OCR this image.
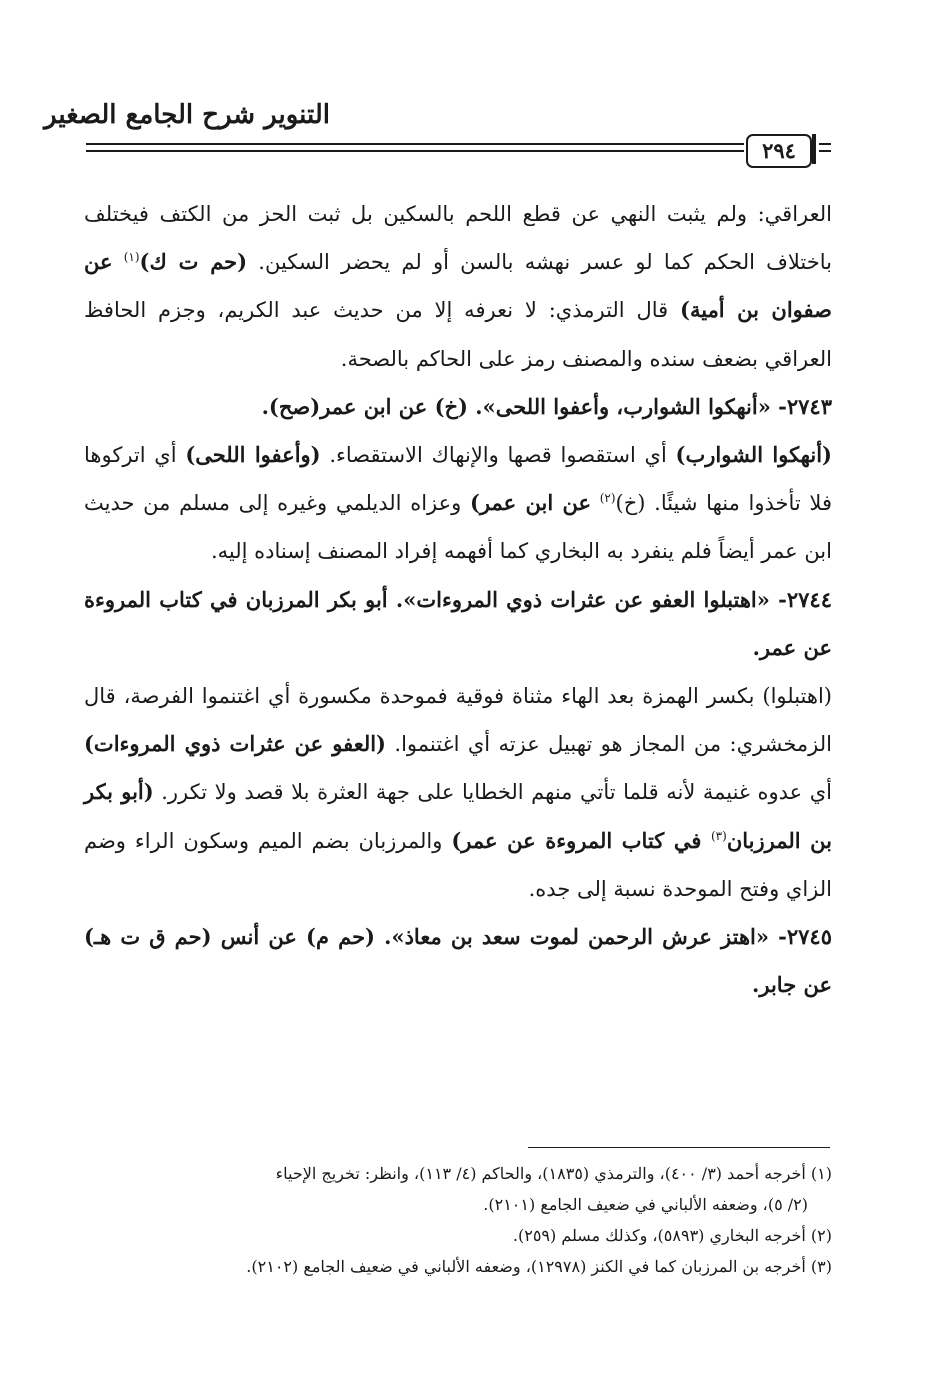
التنوير شرح الجامع الصغير
٢٩٤

العراقي: ولم يثبت النهي عن قطع اللحم بالسكين بل ثبت الحز من الكتف فيختلف باختلاف الحكم كما لو عسر نهشه بالسن أو لم يحضر السكين. (حم ت ك)$^{(١)}$ عن صفوان بن أمية) قال الترمذي: لا نعرفه إلا من حديث عبد الكريم، وجزم الحافظ العراقي بضعف سنده والمصنف رمز على الحاكم بالصحة.

٢٧٤٣- «أنهكوا الشوارب، وأعفوا اللحى». (خ) عن ابن عمر(صح).

(أنهكوا الشوارب) أي استقصوا قصها والإنهاك الاستقصاء. (وأعفوا اللحى) أي اتركوها فلا تأخذوا منها شيئًا. (خ)$^{(٢)}$ عن ابن عمر) وعزاه الديلمي وغيره إلى مسلم من حديث ابن عمر أيضاً فلم ينفرد به البخاري كما أفهمه إفراد المصنف إسناده إليه.

٢٧٤٤- «اهتبلوا العفو عن عثرات ذوي المروءات». أبو بكر المرزبان في كتاب المروءة عن عمر.

(اهتبلوا) بكسر الهمزة بعد الهاء مثناة فوقية فموحدة مكسورة أي اغتنموا الفرصة، قال الزمخشري: من المجاز هو تهبيل عزته أي اغتنموا. (العفو عن عثرات ذوي المروءات) أي عدوه غنيمة لأنه قلما تأتي منهم الخطايا على جهة العثرة بلا قصد ولا تكرر. (أبو بكر بن المرزبان$^{(٣)}$ في كتاب المروءة عن عمر) والمرزبان بضم الميم وسكون الراء وضم الزاي وفتح الموحدة نسبة إلى جده.

٢٧٤٥- «اهتز عرش الرحمن لموت سعد بن معاذ». (حم م) عن أنس (حم ق ت هـ) عن جابر.

(١) أخرجه أحمد (٣/ ٤٠٠)، والترمذي (١٨٣٥)، والحاكم (٤/ ١١٣)، وانظر: تخريج الإحياء

(٢/ ٥)، وضعفه الألباني في ضعيف الجامع (٢١٠١).

(٢) أخرجه البخاري (٥٨٩٣)، وكذلك مسلم (٢٥٩).

(٣) أخرجه بن المرزبان كما في الكنز (١٢٩٧٨)، وضعفه الألباني في ضعيف الجامع (٢١٠٢).
